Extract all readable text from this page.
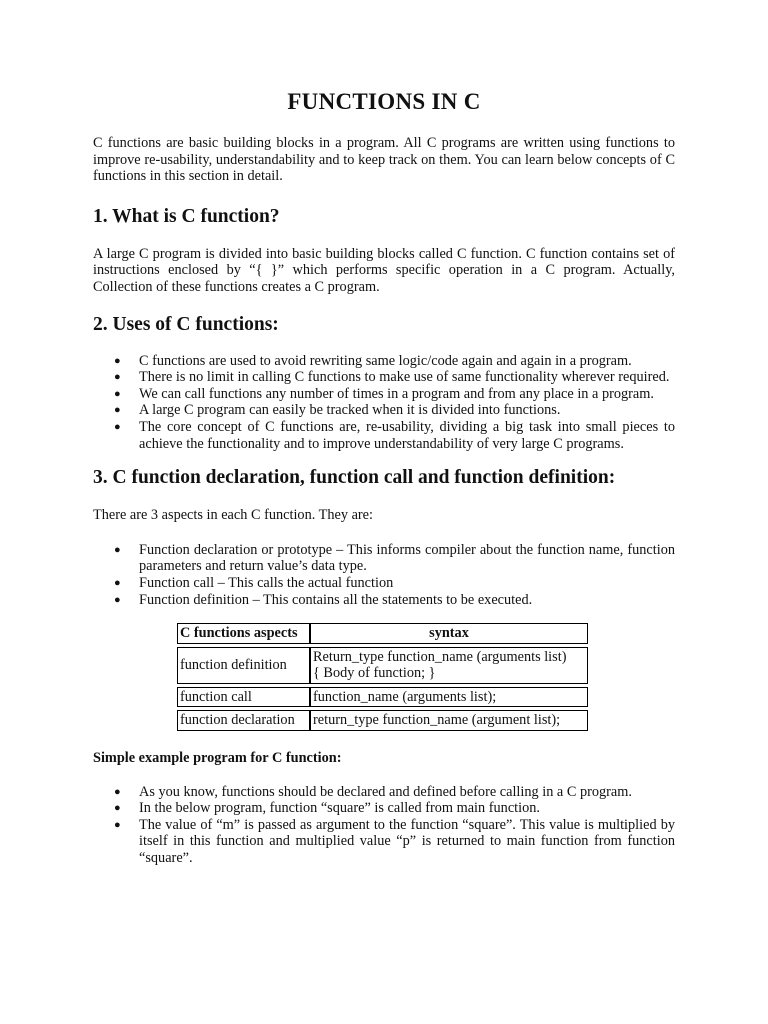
FUNCTIONS IN C

C functions are basic building blocks in a program. All C programs are written using functions to improve re-usability, understandability and to keep track on them. You can learn below concepts of C functions in this section in detail.

1. What is C function?

A large C program is divided into basic building blocks called C function. C function contains set of instructions enclosed by “{ }” which performs specific operation in a C program. Actually, Collection of these functions creates a C program.

2. Uses of C functions:
● C functions are used to avoid rewriting same logic/code again and again in a program.
● There is no limit in calling C functions to make use of same functionality wherever required.
● We can call functions any number of times in a program and from any place in a program.
● A large C program can easily be tracked when it is divided into functions.
● The core concept of C functions are, re-usability, dividing a big task into small pieces to achieve the functionality and to improve understandability of very large C programs.
3. C function declaration, function call and function definition:

There are 3 aspects in each C function. They are:

● Function declaration or prototype – This informs compiler about the function name, function parameters and return value’s data type.
● Function call – This calls the actual function
● Function definition – This contains all the statements to be executed.
C functions aspects	syntax
function definition	Return_type function_name (arguments list)
{ Body of function; }

function call	function_name (arguments list);
function declaration	return_type function_name (argument list);
Simple example program for C function:
● As you know, functions should be declared and defined before calling in a C program.
● In the below program, function “square” is called from main function.
● The value of “m” is passed as argument to the function “square”. This value is multiplied by itself in this function and multiplied value “p” is returned to main function from function “square”.
